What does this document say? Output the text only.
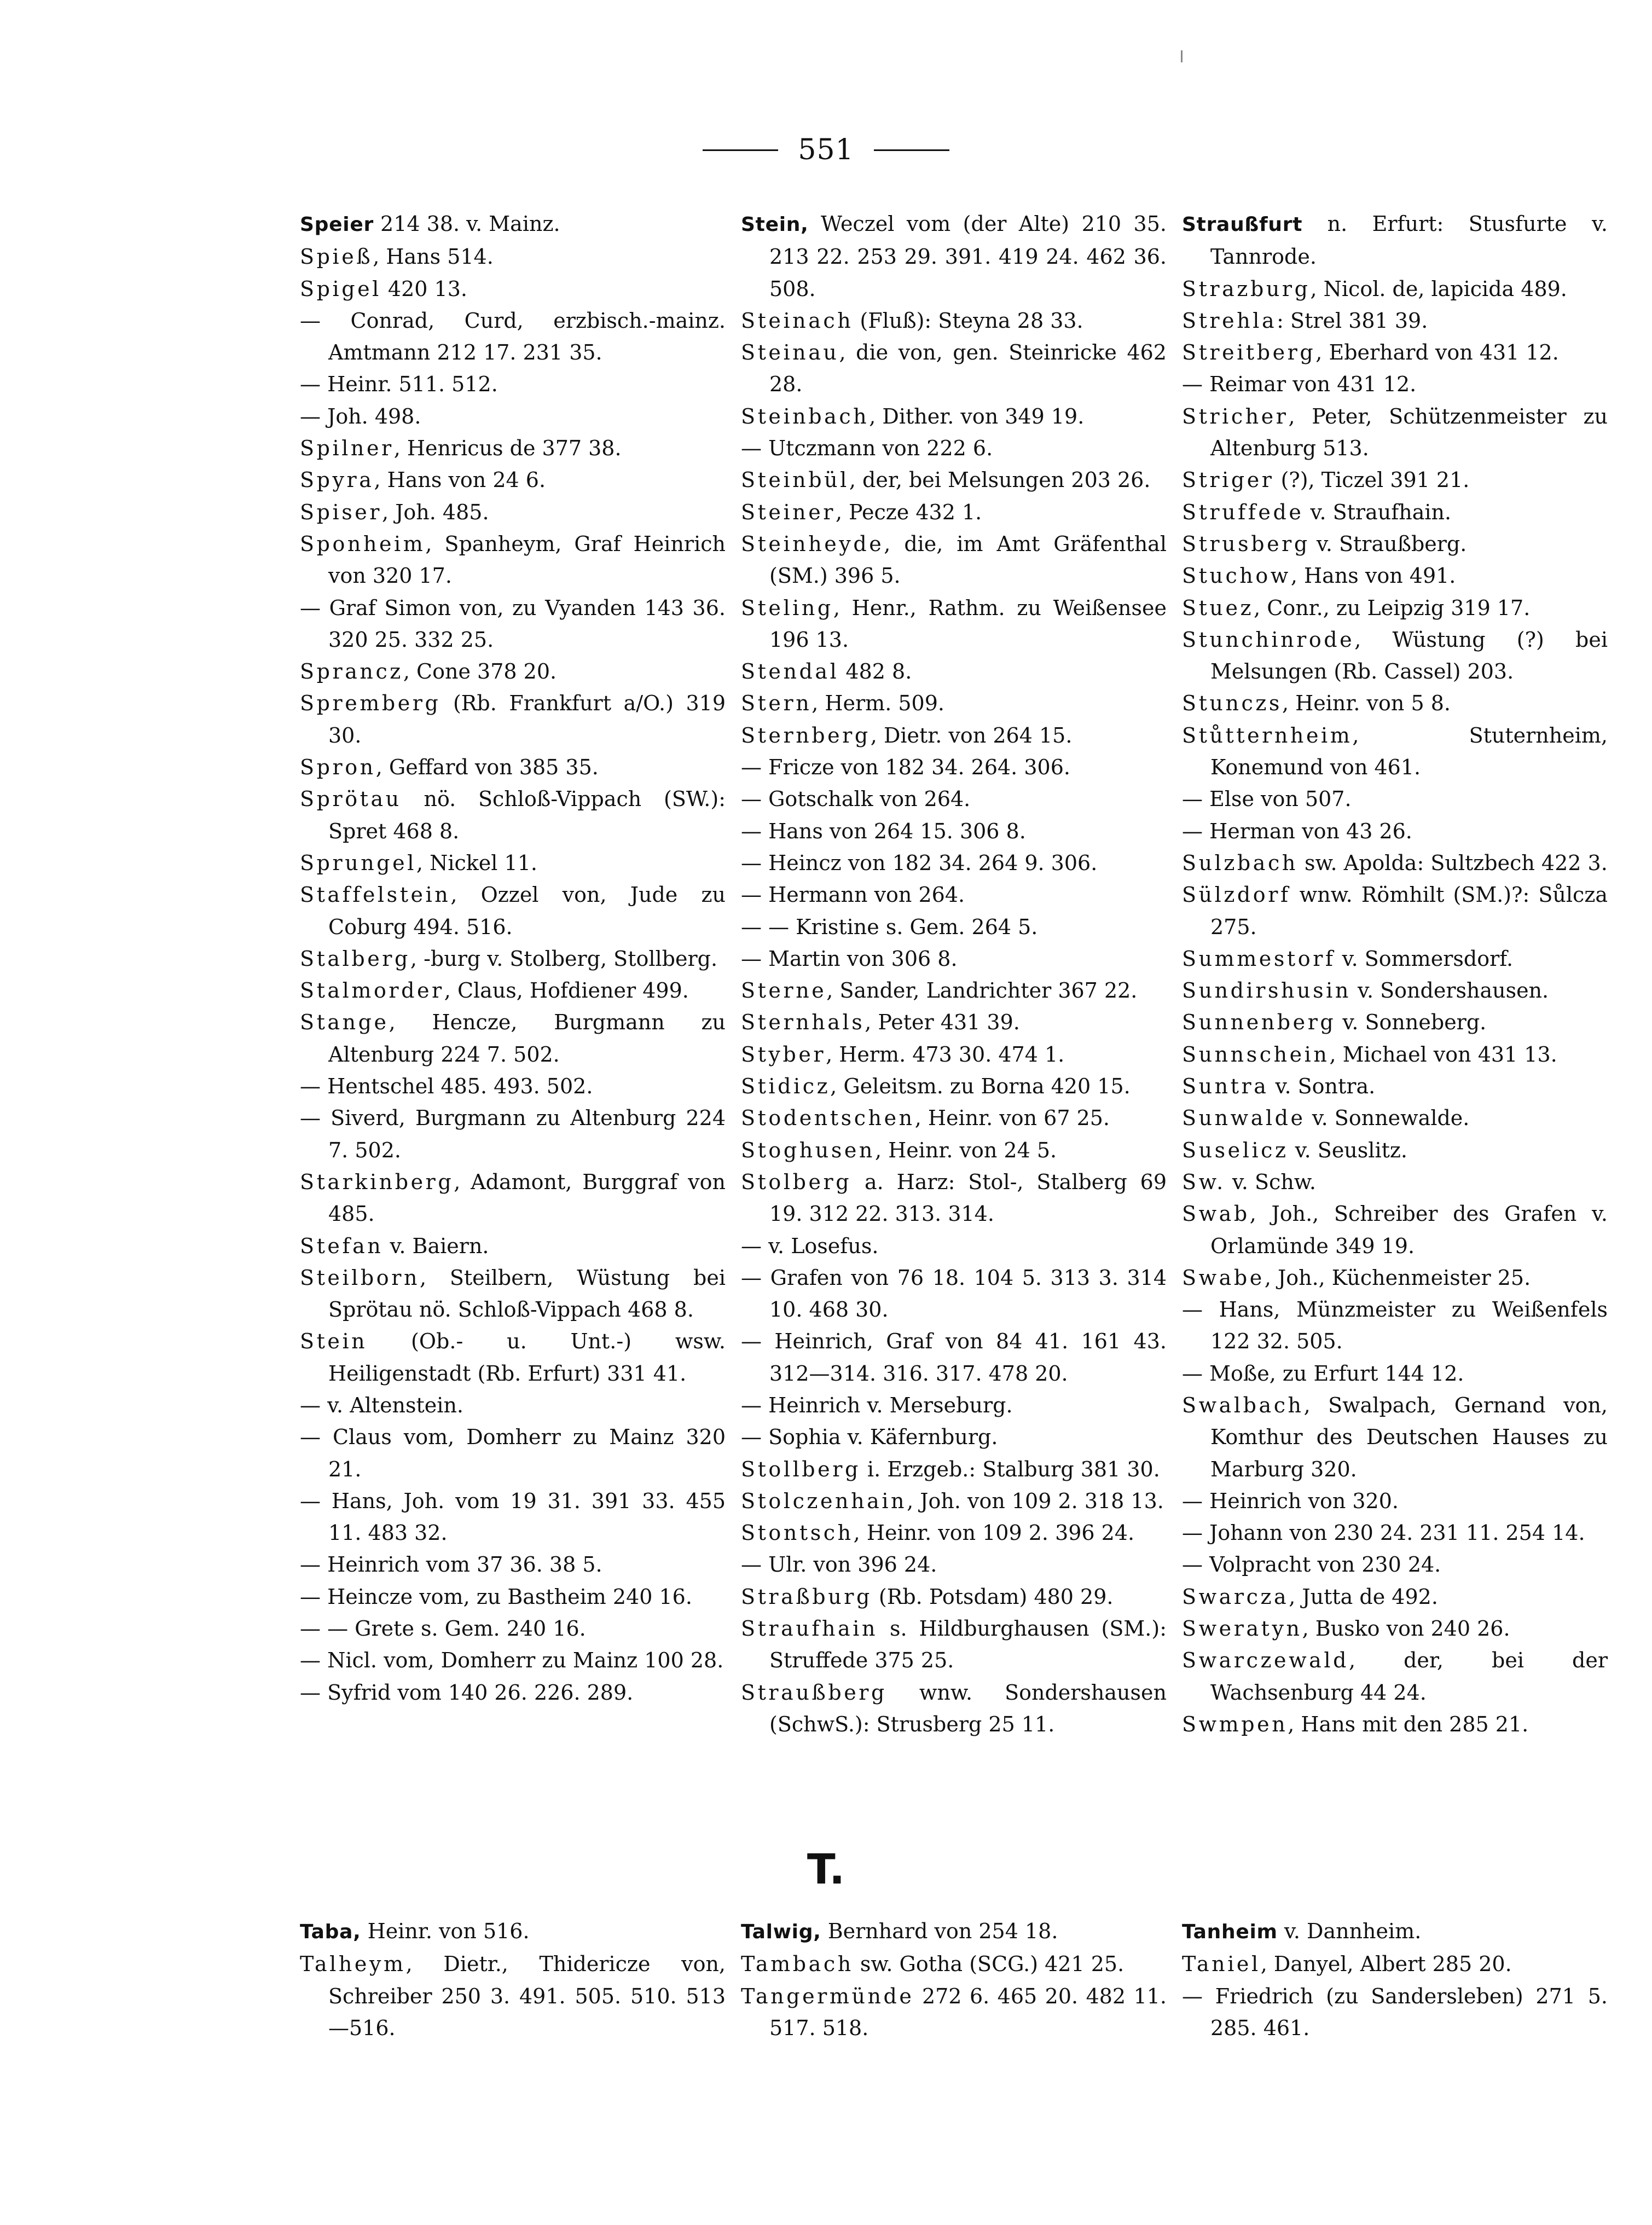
551
Speier 214 38. v. Mainz.
Spieß, Hans 514.
Spigel 420 13.
— Conrad, Curd, erzbisch.-mainz. Amtmann 212 17. 231 35.
— Heinr. 511. 512.
— Joh. 498.
Spilner, Henricus de 377 38.
Spyra, Hans von 24 6.
Spiser, Joh. 485.
Sponheim, Spanheym, Graf Heinrich von 320 17.
— Graf Simon von, zu Vyanden 143 36. 320 25. 332 25.
Sprancz, Cone 378 20.
Spremberg (Rb. Frankfurt a/O.) 319 30.
Spron, Geffard von 385 35.
Sprötau nö. Schloß-Vippach (SW.): Spret 468 8.
Sprungel, Nickel 11.
Staffelstein, Ozzel von, Jude zu Coburg 494. 516.
Stalberg, -burg v. Stolberg, Stollberg.
Stalmorder, Claus, Hofdiener 499.
Stange, Hencze, Burgmann zu Altenburg 224 7. 502.
— Hentschel 485. 493. 502.
— Siverd, Burgmann zu Altenburg 224 7. 502.
Starkinberg, Adamont, Burggraf von 485.
Stefan v. Baiern.
Steilborn, Steilbern, Wüstung bei Sprötau nö. Schloß-Vippach 468 8.
Stein (Ob.- u. Unt.-) wsw. Heiligenstadt (Rb. Erfurt) 331 41.
— v. Altenstein.
— Claus vom, Domherr zu Mainz 320 21.
— Hans, Joh. vom 19 31. 391 33. 455 11. 483 32.
— Heinrich vom 37 36. 38 5.
— Heincze vom, zu Bastheim 240 16.
— — Grete s. Gem. 240 16.
— Nicl. vom, Domherr zu Mainz 100 28.
— Syfrid vom 140 26. 226. 289.
Stein, Weczel vom (der Alte) 210 35. 213 22. 253 29. 391. 419 24. 462 36. 508.
Steinach (Fluß): Steyna 28 33.
Steinau, die von, gen. Steinricke 462 28.
Steinbach, Dither. von 349 19.
— Utczmann von 222 6.
Steinbül, der, bei Melsungen 203 26.
Steiner, Pecze 432 1.
Steinheyde, die, im Amt Gräfenthal (SM.) 396 5.
Steling, Henr., Rathm. zu Weißensee 196 13.
Stendal 482 8.
Stern, Herm. 509.
Sternberg, Dietr. von 264 15.
— Fricze von 182 34. 264. 306.
— Gotschalk von 264.
— Hans von 264 15. 306 8.
— Heincz von 182 34. 264 9. 306.
— Hermann von 264.
— — Kristine s. Gem. 264 5.
— Martin von 306 8.
Sterne, Sander, Landrichter 367 22.
Sternhals, Peter 431 39.
Styber, Herm. 473 30. 474 1.
Stidicz, Geleitsm. zu Borna 420 15.
Stodentschen, Heinr. von 67 25.
Stoghusen, Heinr. von 24 5.
Stolberg a. Harz: Stol-, Stalberg 69 19. 312 22. 313. 314.
— v. Losefus.
— Grafen von 76 18. 104 5. 313 3. 314 10. 468 30.
— Heinrich, Graf von 84 41. 161 43. 312—314. 316. 317. 478 20.
— Heinrich v. Merseburg.
— Sophia v. Käfernburg.
Stollberg i. Erzgeb.: Stalburg 381 30.
Stolczenhain, Joh. von 109 2. 318 13.
Stontsch, Heinr. von 109 2. 396 24.
— Ulr. von 396 24.
Straßburg (Rb. Potsdam) 480 29.
Straufhain s. Hildburghausen (SM.): Struffede 375 25.
Straußberg wnw. Sondershausen (SchwS.): Strusberg 25 11.
Straußfurt n. Erfurt: Stusfurte v. Tannrode.
Strazburg, Nicol. de, lapicida 489.
Strehla: Strel 381 39.
Streitberg, Eberhard von 431 12.
— Reimar von 431 12.
Stricher, Peter, Schützenmeister zu Altenburg 513.
Striger (?), Ticzel 391 21.
Struffede v. Straufhain.
Strusberg v. Straußberg.
Stuchow, Hans von 491.
Stuez, Conr., zu Leipzig 319 17.
Stunchinrode, Wüstung (?) bei Melsungen (Rb. Cassel) 203.
Stunczs, Heinr. von 5 8.
Stůtternheim, Stuternheim, Konemund von 461.
— Else von 507.
— Herman von 43 26.
Sulzbach sw. Apolda: Sultzbech 422 3.
Sülzdorf wnw. Römhilt (SM.)?: Sůlcza 275.
Summestorf v. Sommersdorf.
Sundirshusin v. Sondershausen.
Sunnenberg v. Sonneberg.
Sunnschein, Michael von 431 13.
Suntra v. Sontra.
Sunwalde v. Sonnewalde.
Suselicz v. Seuslitz.
Sw. v. Schw.
Swab, Joh., Schreiber des Grafen v. Orlamünde 349 19.
Swabe, Joh., Küchenmeister 25.
— Hans, Münzmeister zu Weißenfels 122 32. 505.
— Moße, zu Erfurt 144 12.
Swalbach, Swalpach, Gernand von, Komthur des Deutschen Hauses zu Marburg 320.
— Heinrich von 320.
— Johann von 230 24. 231 11. 254 14.
— Volpracht von 230 24.
Swarcza, Jutta de 492.
Sweratyn, Busko von 240 26.
Swarczewald, der, bei der Wachsenburg 44 24.
Swmpen, Hans mit den 285 21.
T.
Taba, Heinr. von 516.
Talheym, Dietr., Thidericze von, Schreiber 250 3. 491. 505. 510. 513—516.
Talwig, Bernhard von 254 18.
Tambach sw. Gotha (SCG.) 421 25.
Tangermünde 272 6. 465 20. 482 11. 517. 518.
Tanheim v. Dannheim.
Taniel, Danyel, Albert 285 20.
— Friedrich (zu Sandersleben) 271 5. 285. 461.
